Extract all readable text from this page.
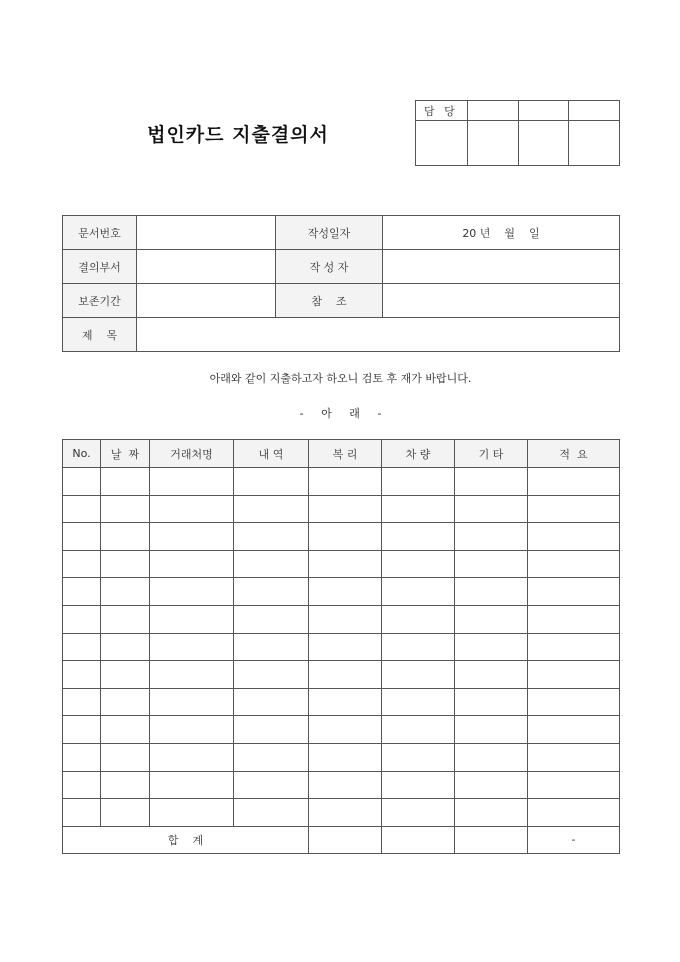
법인카드 지출결의서
담 당			

문서번호		작성일자	20 년    월    일
결의부서		작 성 자	
보존기간		참    조	
제    목			
아래와 같이 지출하고자 하오니 검토 후 재가 바랍니다.
- 아 래 -
No.	날  짜	거래처명	내 역	복 리	차 량	기 타	적  요

합    계							-
